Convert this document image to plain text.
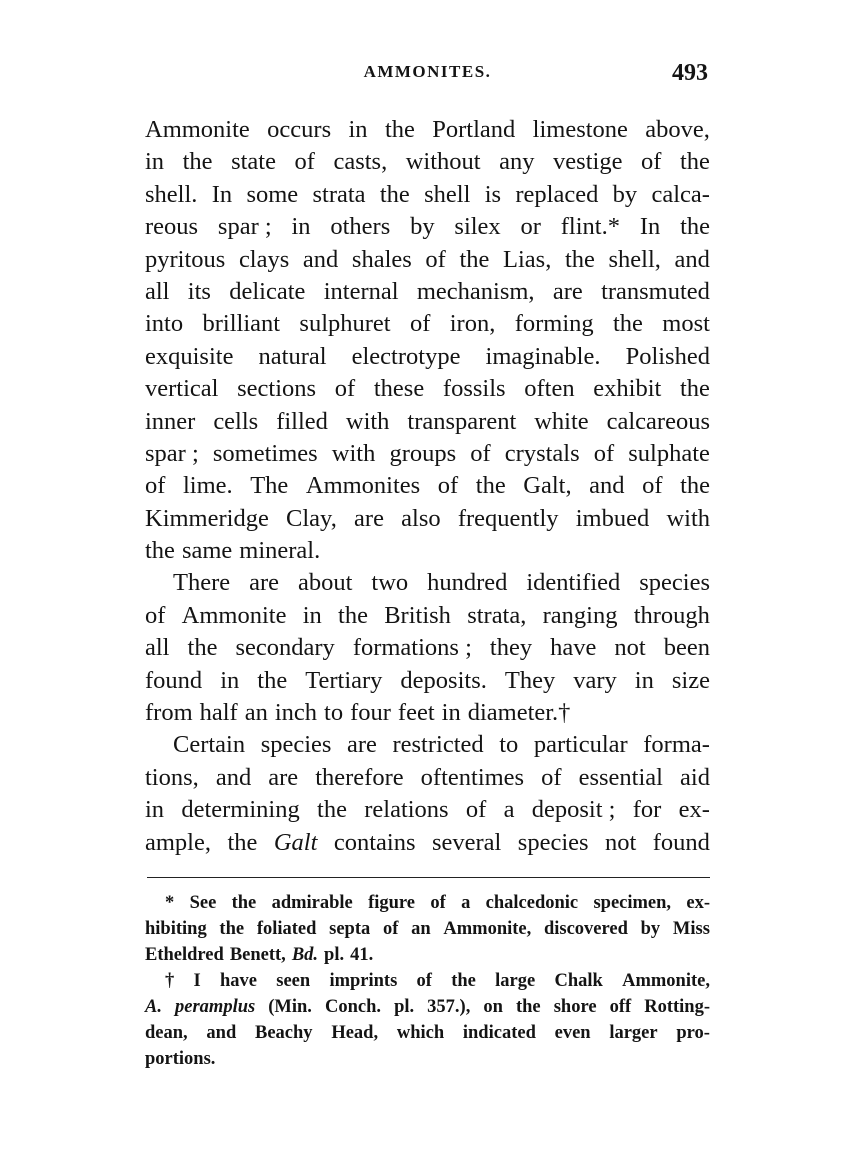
AMMONITES.	493
Ammonite occurs in the Portland limestone above,
in the state of casts, without any vestige of the
shell. In some strata the shell is replaced by calca-
reous spar ; in others by silex or flint.* In the
pyritous clays and shales of the Lias, the shell, and
all its delicate internal mechanism, are transmuted
into brilliant sulphuret of iron, forming the most
exquisite natural electrotype imaginable. Polished
vertical sections of these fossils often exhibit the
inner cells filled with transparent white calcareous
spar ; sometimes with groups of crystals of sulphate
of lime. The Ammonites of the Galt, and of the
Kimmeridge Clay, are also frequently imbued with
the same mineral.
There are about two hundred identified species
of Ammonite in the British strata, ranging through
all the secondary formations ; they have not been
found in the Tertiary deposits. They vary in size
from half an inch to four feet in diameter.†
Certain species are restricted to particular forma-
tions, and are therefore oftentimes of essential aid
in determining the relations of a deposit ; for ex-
ample, the Galt contains several species not found
* See the admirable figure of a chalcedonic specimen, ex-
hibiting the foliated septa of an Ammonite, discovered by Miss
Etheldred Benett, Bd. pl. 41.
† I have seen imprints of the large Chalk Ammonite,
A. peramplus (Min. Conch. pl. 357.), on the shore off Rotting-
dean, and Beachy Head, which indicated even larger pro-
portions.
